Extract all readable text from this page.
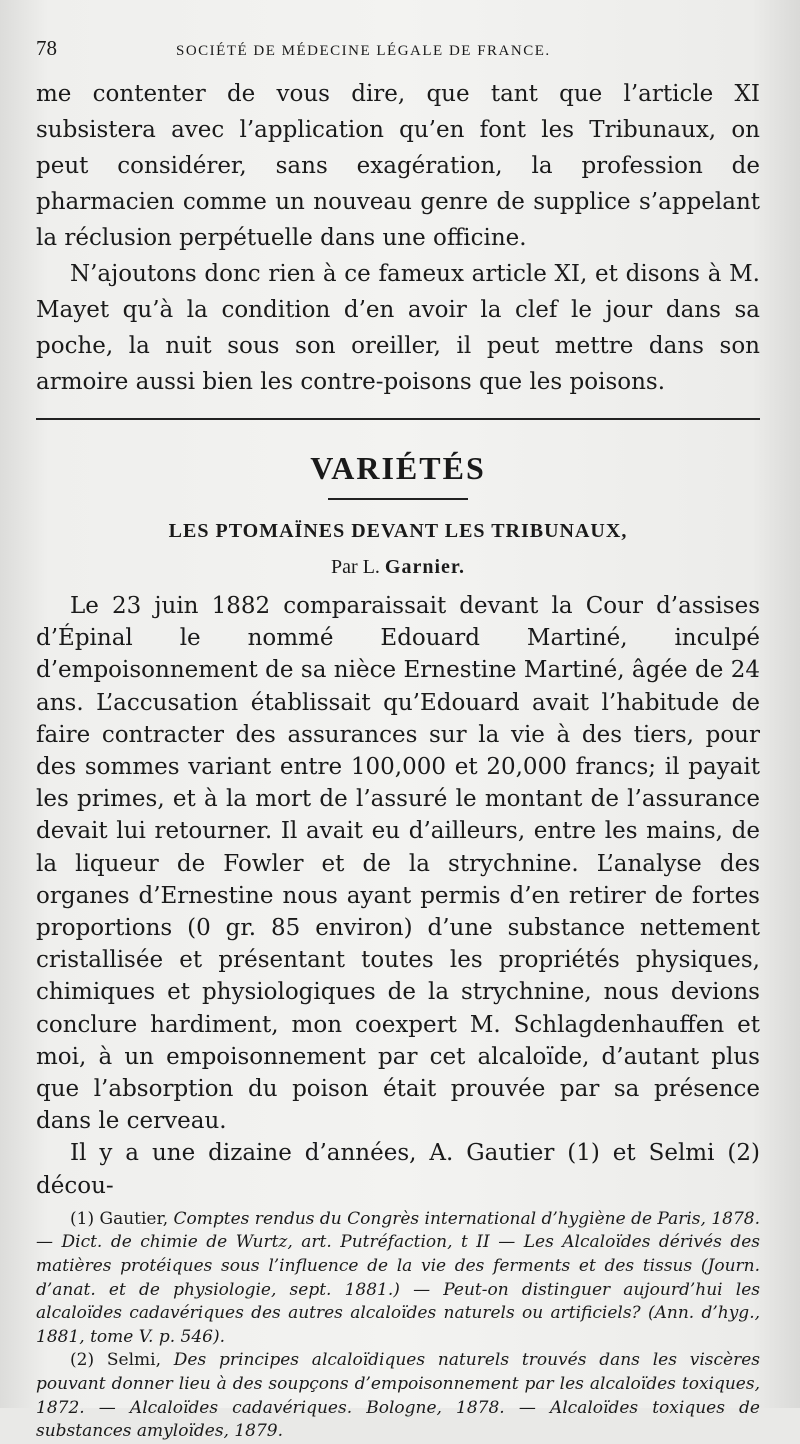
78	SOCIÉTÉ DE MÉDECINE LÉGALE DE FRANCE.

me contenter de vous dire, que tant que l’article XI subsistera avec l’application qu’en font les Tribunaux, on peut considérer, sans exagération, la profession de pharmacien comme un nouveau genre de supplice s’appelant la réclusion perpétuelle dans une officine.

N’ajoutons donc rien à ce fameux article XI, et disons à M. Mayet qu’à la condition d’en avoir la clef le jour dans sa poche, la nuit sous son oreiller, il peut mettre dans son armoire aussi bien les contre-poisons que les poisons.

VARIÉTÉS
LES PTOMAÏNES DEVANT LES TRIBUNAUX,
Par L. Garnier.

Le 23 juin 1882 comparaissait devant la Cour d’assises d’Épinal le nommé Edouard Martiné, inculpé d’empoisonnement de sa nièce Ernestine Martiné, âgée de 24 ans. L’accusation établissait qu’Edouard avait l’habitude de faire contracter des assurances sur la vie à des tiers, pour des sommes variant entre 100,000 et 20,000 francs; il payait les primes, et à la mort de l’assuré le montant de l’assurance devait lui retourner. Il avait eu d’ailleurs, entre les mains, de la liqueur de Fowler et de la strychnine. L’analyse des organes d’Ernestine nous ayant permis d’en retirer de fortes proportions (0 gr. 85 environ) d’une substance nettement cristallisée et présentant toutes les propriétés physiques, chimiques et physiologiques de la strychnine, nous devions conclure hardiment, mon coexpert M. Schlagdenhauffen et moi, à un empoisonnement par cet alcaloïde, d’autant plus que l’absorption du poison était prouvée par sa présence dans le cerveau.

Il y a une dizaine d’années, A. Gautier (1) et Selmi (2) décou-

(1) Gautier, Comptes rendus du Congrès international d’hygiène de Paris, 1878. — Dict. de chimie de Wurtz, art. Putréfaction, t II — Les Alcaloïdes dérivés des matières protéiques sous l’influence de la vie des ferments et des tissus (Journ. d’anat. et de physiologie, sept. 1881.) — Peut-on distinguer aujourd’hui les alcaloïdes cadavériques des autres alcaloïdes naturels ou artificiels? (Ann. d’hyg., 1881, tome V. p. 546).

(2) Selmi, Des principes alcaloïdiques naturels trouvés dans les viscères pouvant donner lieu à des soupçons d’empoisonnement par les alcaloïdes toxiques, 1872. — Alcaloïdes cadavériques. Bologne, 1878. — Alcaloïdes toxiques de substances amyloïdes, 1879.
